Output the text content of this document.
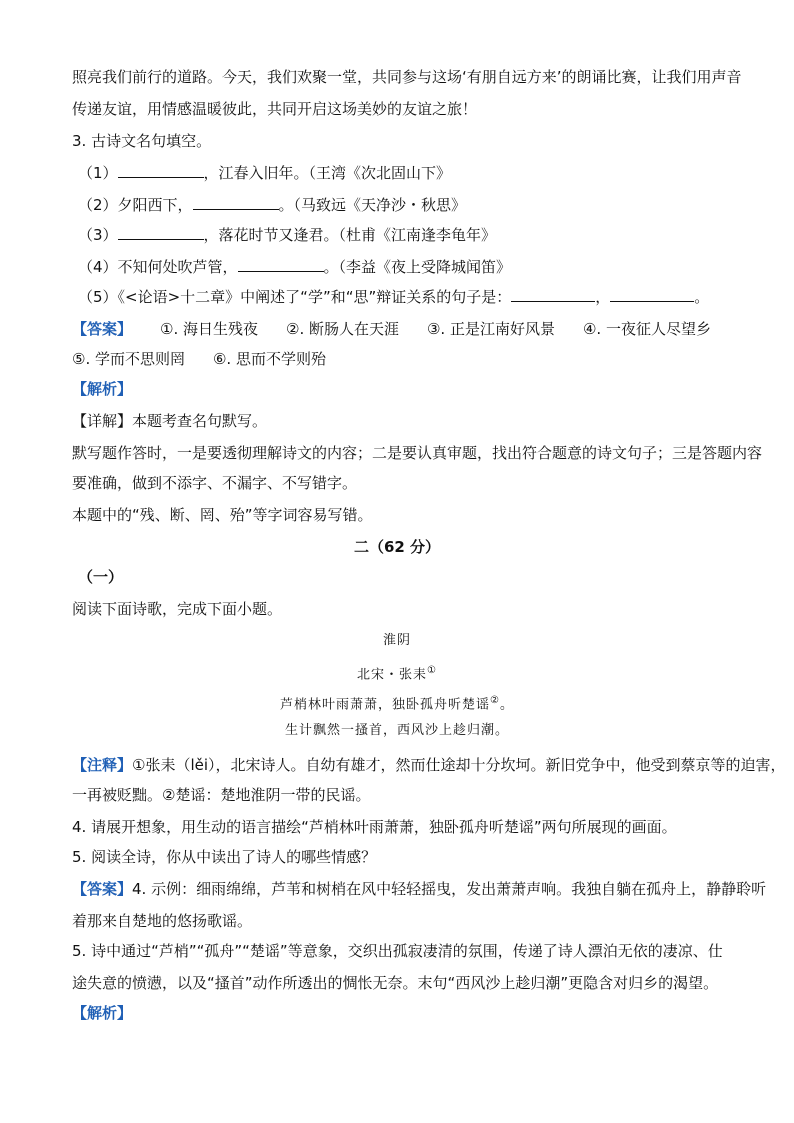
照亮我们前行的道路。今天，我们欢聚一堂，共同参与这场‘有朋自远方来’的朗诵比赛，让我们用声音
传递友谊，用情感温暖彼此，共同开启这场美妙的友谊之旅！
3. 古诗文名句填空。
（1）	，江春入旧年。（王湾《次北固山下》
（2）夕阳西下，	。（马致远《天净沙・秋思》
（3）	，落花时节又逢君。（杜甫《江南逢李龟年》
（4）不知何处吹芦管，	。（李益《夜上受降城闻笛》
（5）《<论语>十二章》中阐述了“学”和“思”辩证关系的句子是：	，	。
【答案】 ①. 海日生残夜 ②. 断肠人在天涯 ③. 正是江南好风景 ④. 一夜征人尽望乡
⑤. 学而不思则罔 ⑥. 思而不学则殆
【解析】
【详解】本题考查名句默写。
默写题作答时，一是要透彻理解诗文的内容；二是要认真审题，找出符合题意的诗文句子；三是答题内容
要准确，做到不添字、不漏字、不写错字。
本题中的“残、断、罔、殆”等字词容易写错。
二（62 分）
（一）
阅读下面诗歌，完成下面小题。
淮阴
北宋・张耒①
芦梢林叶雨萧萧，独卧孤舟听楚谣②。
生计飘然一搔首，西风沙上趁归潮。
【注释】①张耒（lěi），北宋诗人。自幼有雄才，然而仕途却十分坎坷。新旧党争中，他受到蔡京等的迫害，
一再被贬黜。②楚谣：楚地淮阴一带的民谣。
4. 请展开想象，用生动的语言描绘“芦梢林叶雨萧萧，独卧孤舟听楚谣”两句所展现的画面。
5. 阅读全诗，你从中读出了诗人的哪些情感？
【答案】4. 示例：细雨绵绵，芦苇和树梢在风中轻轻摇曳，发出萧萧声响。我独自躺在孤舟上，静静聆听
着那来自楚地的悠扬歌谣。
5. 诗中通过“芦梢”“孤舟”“楚谣”等意象，交织出孤寂凄清的氛围，传递了诗人漂泊无依的凄凉、仕
途失意的愤懑，以及“搔首”动作所透出的惆怅无奈。末句“西风沙上趁归潮”更隐含对归乡的渴望。
【解析】
